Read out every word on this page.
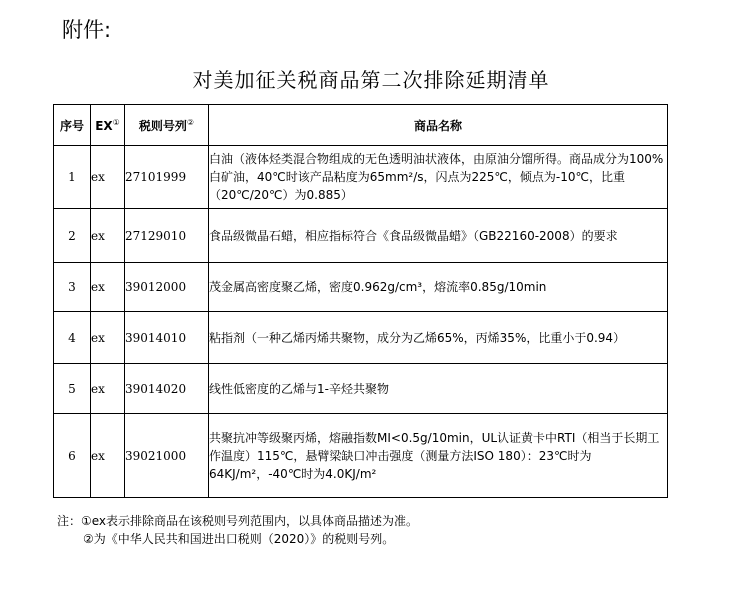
附件:
对美加征关税商品第二次排除延期清单
序号	EX①	税则号列②	商品名称
1	ex	27101999	白油（液体烃类混合物组成的无色透明油状液体，由原油分馏所得。商品成分为100%白矿油，40℃时该产品粘度为65mm²/s，闪点为225℃，倾点为-10℃，比重（20℃/20℃）为0.885）
2	ex	27129010	食品级微晶石蜡，相应指标符合《食品级微晶蜡》（GB22160-2008）的要求
3	ex	39012000	茂金属高密度聚乙烯，密度0.962g/cm³，熔流率0.85g/10min
4	ex	39014010	粘指剂（一种乙烯丙烯共聚物，成分为乙烯65%，丙烯35%，比重小于0.94）
5	ex	39014020	线性低密度的乙烯与1-辛烃共聚物
6	ex	39021000	共聚抗冲等级聚丙烯，熔融指数MI<0.5g/10min，UL认证黄卡中RTI（相当于长期工作温度）115℃，悬臂梁缺口冲击强度（测量方法ISO 180）：23℃时为64KJ/m²，-40℃时为4.0KJ/m²
注：①ex表示排除商品在该税则号列范围内，以具体商品描述为准。
②为《中华人民共和国进出口税则（2020）》的税则号列。
